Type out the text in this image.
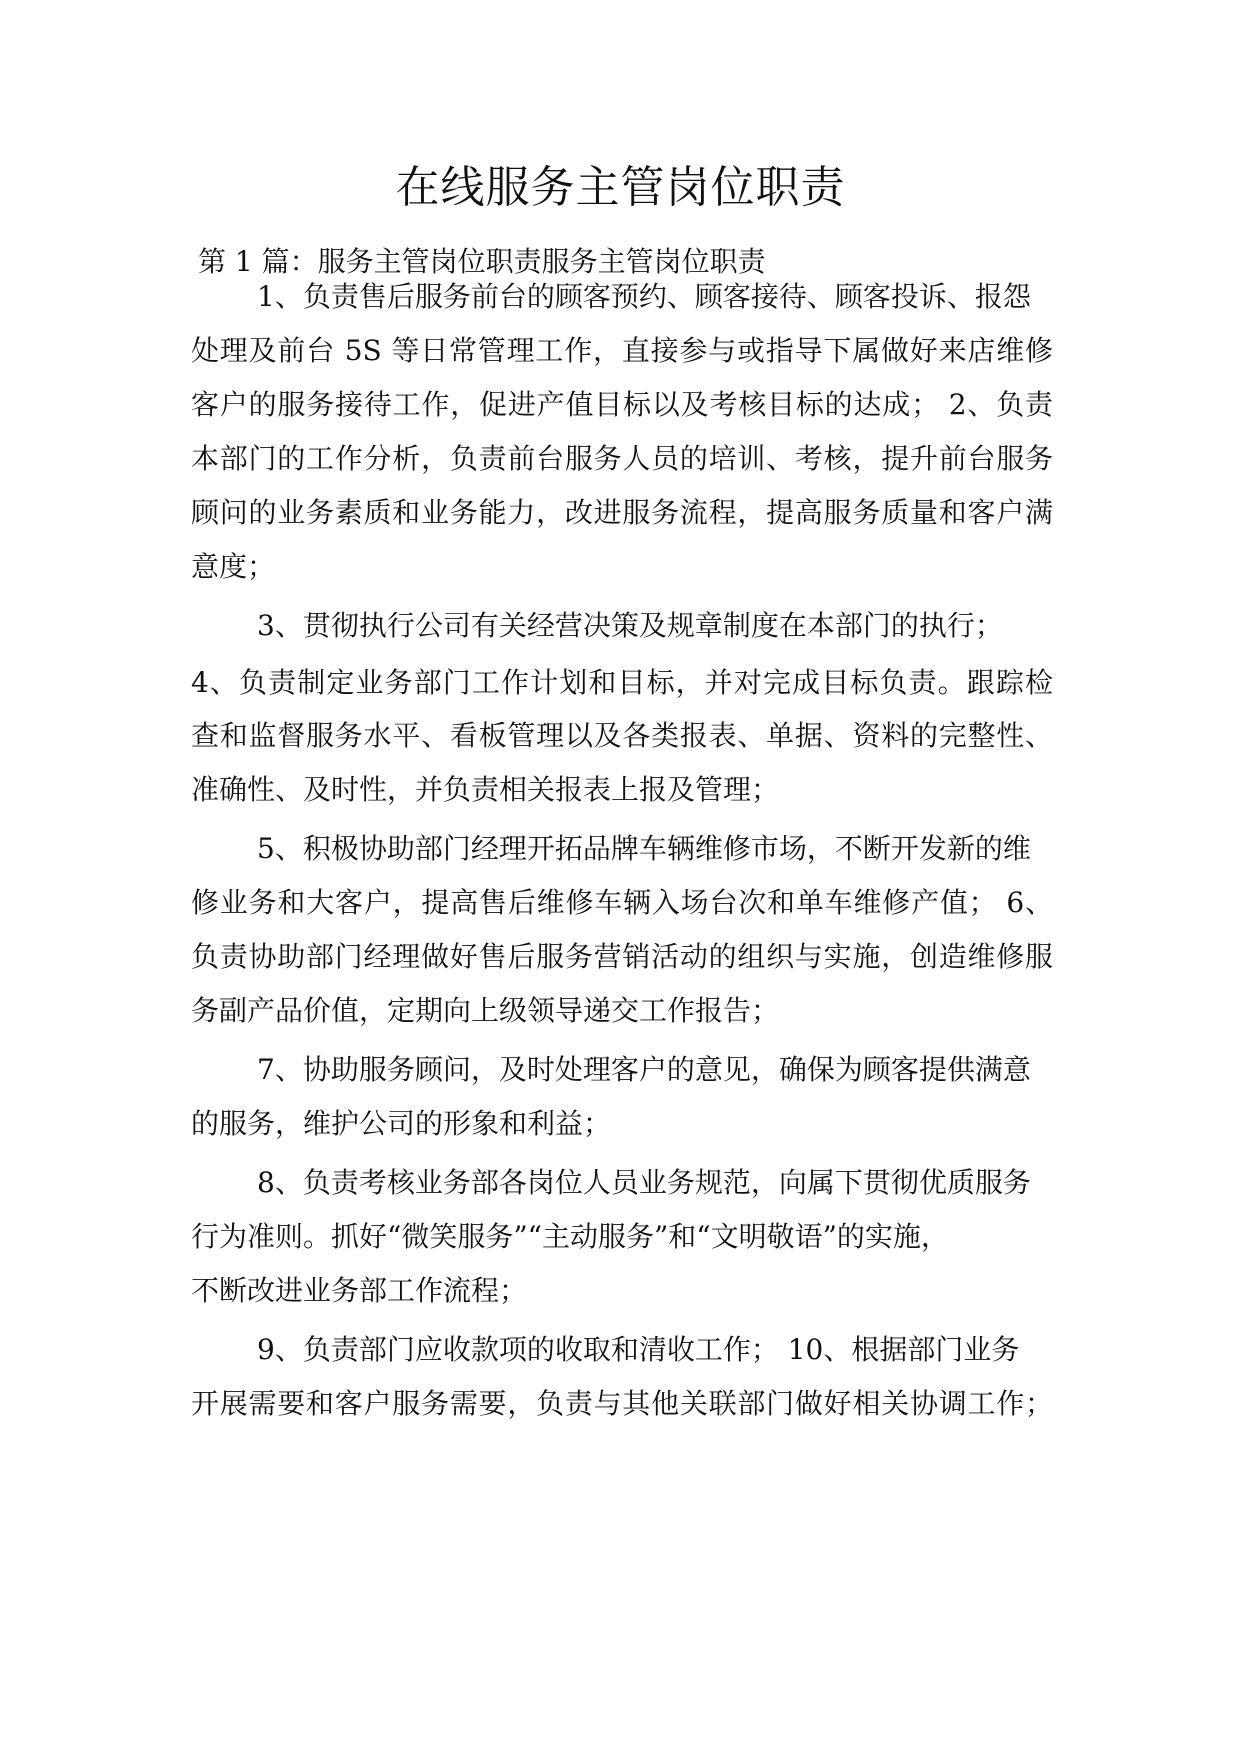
在线服务主管岗位职责

第 1 篇：服务主管岗位职责服务主管岗位职责

1、负责售后服务前台的顾客预约、顾客接待、顾客投诉、报怨

处理及前台 5S 等日常管理工作，直接参与或指导下属做好来店维修

客户的服务接待工作，促进产值目标以及考核目标的达成； 2、负责

本部门的工作分析，负责前台服务人员的培训、考核，提升前台服务

顾问的业务素质和业务能力，改进服务流程，提高服务质量和客户满

意度；

3、贯彻执行公司有关经营决策及规章制度在本部门的执行；

4、负责制定业务部门工作计划和目标，并对完成目标负责。跟踪检

查和监督服务水平、看板管理以及各类报表、单据、资料的完整性、

准确性、及时性，并负责相关报表上报及管理；

5、积极协助部门经理开拓品牌车辆维修市场，不断开发新的维

修业务和大客户，提高售后维修车辆入场台次和单车维修产值； 6、

负责协助部门经理做好售后服务营销活动的组织与实施，创造维修服

务副产品价值，定期向上级领导递交工作报告；

7、协助服务顾问，及时处理客户的意见，确保为顾客提供满意

的服务，维护公司的形象和利益；

8、负责考核业务部各岗位人员业务规范，向属下贯彻优质服务

行为准则。抓好“微笑服务”“主动服务”和“文明敬语”的实施，

不断改进业务部工作流程；

9、负责部门应收款项的收取和清收工作； 10、根据部门业务

开展需要和客户服务需要，负责与其他关联部门做好相关协调工作；
